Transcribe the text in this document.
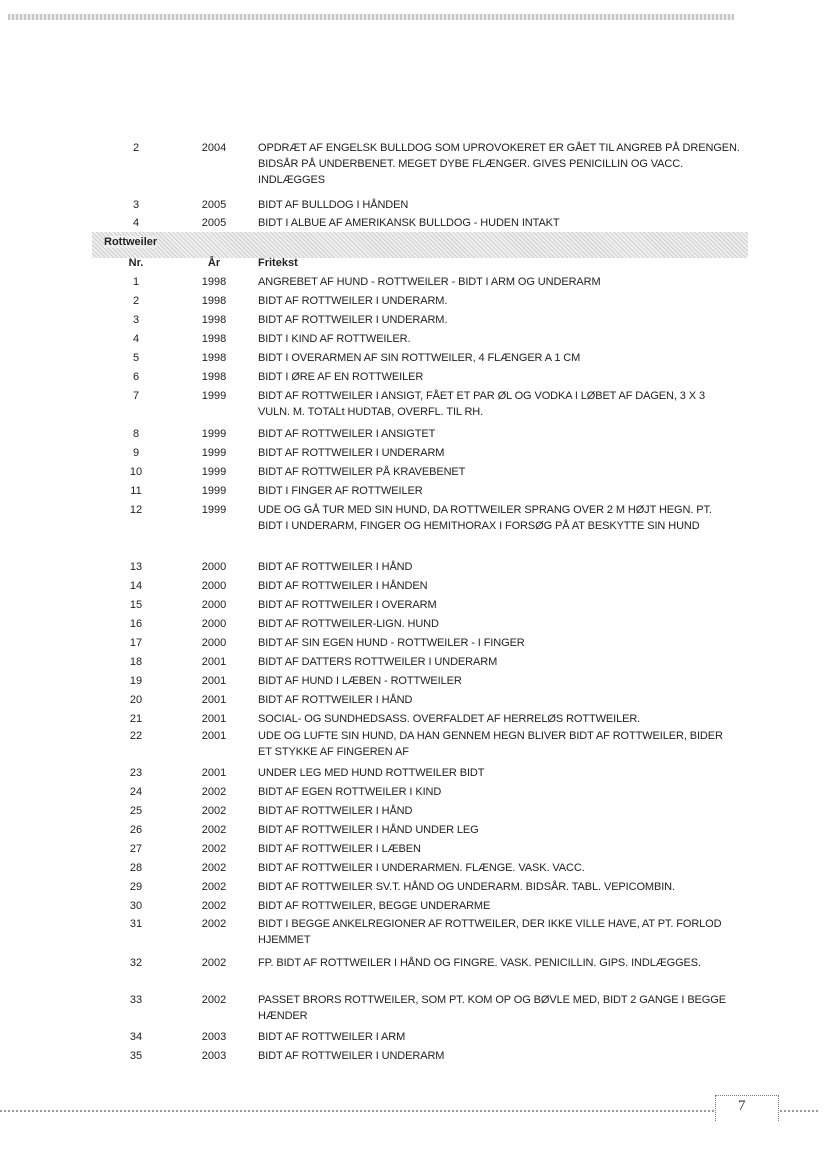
2	2004	OPDRÆT AF ENGELSK BULLDOG SOM UPROVOKERET ER GÅET TIL ANGREB PÅ DRENGEN.
BIDSÅR PÅ UNDERBENET. MEGET DYBE FLÆNGER. GIVES PENICILLIN OG VACC.
INDLÆGGES
3	2005	BIDT AF BULLDOG I HÅNDEN
4	2005	BIDT I ALBUE AF AMERIKANSK BULLDOG - HUDEN INTAKT
Rottweiler
Nr.	År	Fritekst
1	1998	ANGREBET AF HUND - ROTTWEILER - BIDT I ARM OG UNDERARM
2	1998	BIDT AF ROTTWEILER I UNDERARM.
3	1998	BIDT AF ROTTWEILER I UNDERARM.
4	1998	BIDT I KIND AF ROTTWEILER.
5	1998	BIDT I OVERARMEN AF SIN ROTTWEILER, 4 FLÆNGER A 1 CM
6	1998	BIDT I ØRE AF EN ROTTWEILER
7	1999	BIDT AF ROTTWEILER I ANSIGT, FÅET ET PAR ØL OG VODKA I LØBET AF DAGEN, 3 X 3
VULN. M. TOTALt HUDTAB, OVERFL. TIL RH.
8	1999	BIDT AF ROTTWEILER I ANSIGTET
9	1999	BIDT AF ROTTWEILER I UNDERARM
10	1999	BIDT AF ROTTWEILER PÅ KRAVEBENET
11	1999	BIDT I FINGER AF ROTTWEILER
12	1999	UDE OG GÅ TUR MED SIN HUND, DA ROTTWEILER SPRANG OVER 2 M HØJT HEGN. PT.
BIDT I UNDERARM, FINGER OG HEMITHORAX I FORSØG PÅ AT BESKYTTE SIN HUND
13	2000	BIDT AF ROTTWEILER I HÅND
14	2000	BIDT AF ROTTWEILER I HÅNDEN
15	2000	BIDT AF ROTTWEILER I OVERARM
16	2000	BIDT AF ROTTWEILER-LIGN. HUND
17	2000	BIDT AF SIN EGEN HUND - ROTTWEILER - I FINGER
18	2001	BIDT AF DATTERS ROTTWEILER I UNDERARM
19	2001	BIDT AF HUND I LÆBEN - ROTTWEILER
20	2001	BIDT AF ROTTWEILER I HÅND
21	2001	SOCIAL- OG SUNDHEDSASS. OVERFALDET AF HERRELØS ROTTWEILER.
22	2001	UDE OG LUFTE SIN HUND, DA HAN GENNEM HEGN BLIVER BIDT AF ROTTWEILER, BIDER
ET STYKKE AF FINGEREN AF
23	2001	UNDER LEG MED HUND ROTTWEILER BIDT
24	2002	BIDT AF EGEN ROTTWEILER I KIND
25	2002	BIDT AF ROTTWEILER I HÅND
26	2002	BIDT AF ROTTWEILER I HÅND UNDER LEG
27	2002	BIDT AF ROTTWEILER I LÆBEN
28	2002	BIDT AF ROTTWEILER I UNDERARMEN. FLÆNGE. VASK. VACC.
29	2002	BIDT AF ROTTWEILER SV.T. HÅND OG UNDERARM. BIDSÅR. TABL. VEPICOMBIN.
30	2002	BIDT AF ROTTWEILER, BEGGE UNDERARME
31	2002	BIDT I BEGGE ANKELREGIONER AF ROTTWEILER, DER IKKE VILLE HAVE, AT PT. FORLOD
HJEMMET
32	2002	FP. BIDT AF ROTTWEILER I HÅND OG FINGRE. VASK. PENICILLIN. GIPS. INDLÆGGES.
33	2002	PASSET BRORS ROTTWEILER, SOM PT. KOM OP OG BØVLE MED, BIDT 2 GANGE I BEGGE
HÆNDER
34	2003	BIDT AF ROTTWEILER I ARM
35	2003	BIDT AF ROTTWEILER I UNDERARM
7
